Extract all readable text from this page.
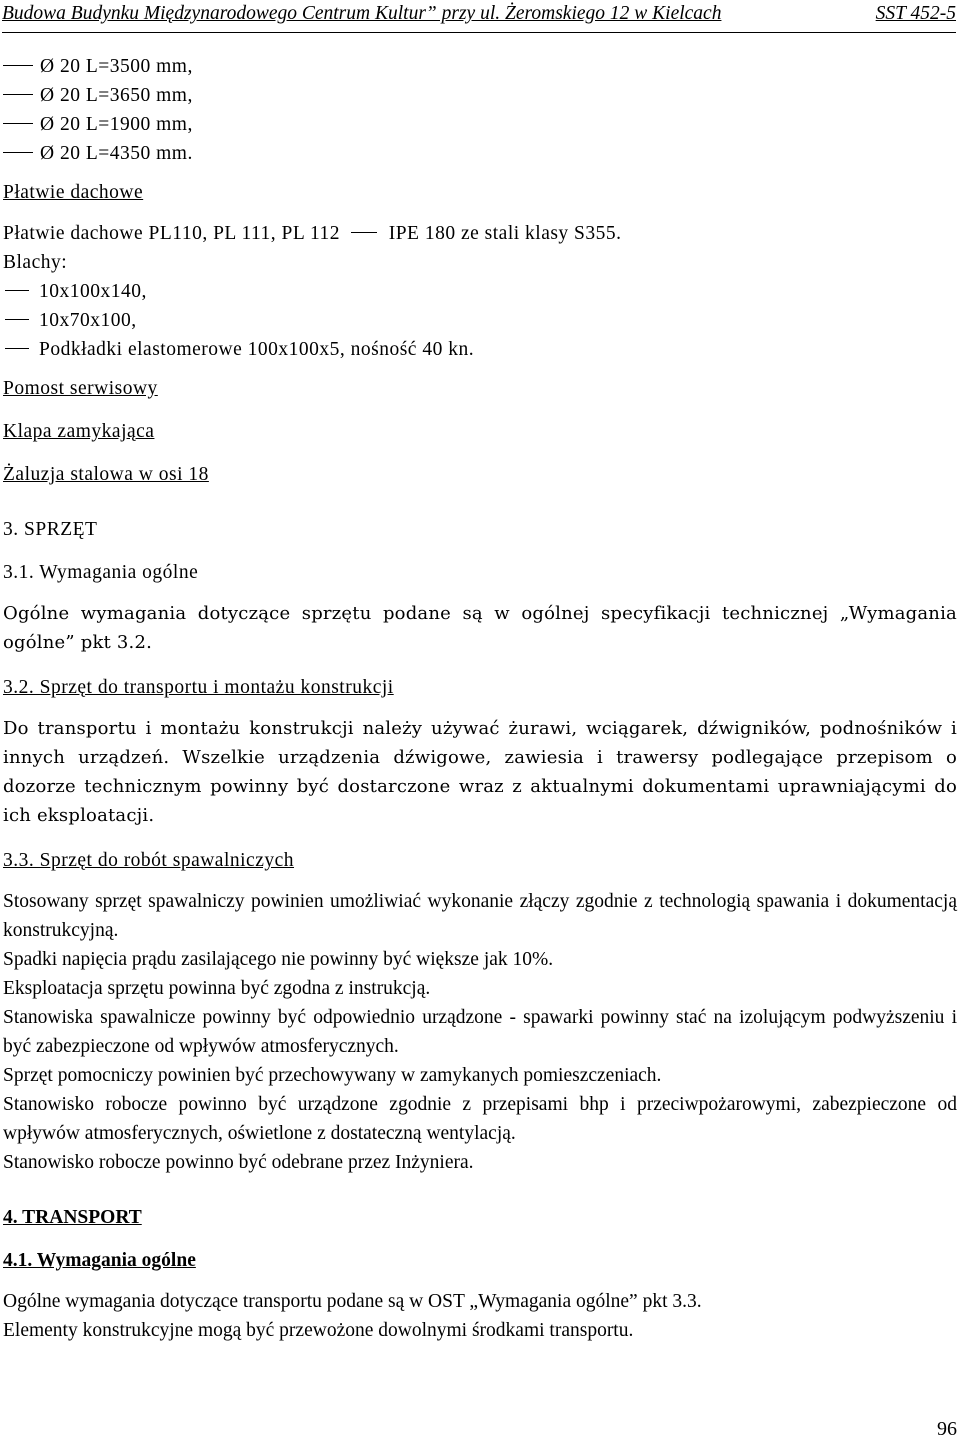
Budowa Budynku Międzynarodowego Centrum Kultur” przy ul. Żeromskiego 12 w Kielcach	SST 452-5
Ø 20 L=3500 mm,
Ø 20 L=3650 mm,
Ø 20 L=1900 mm,
Ø 20 L=4350 mm.
Płatwie dachowe

Płatwie dachowe PL110, PL 111, PL 112	IPE 180 ze stali klasy S355.

Blachy:

10x100x140,
10x70x100,
Podkładki elastomerowe 100x100x5, nośność 40 kn.
Pomost serwisowy
Klapa zamykająca
Żaluzja stalowa w osi 18
3. SPRZĘT
3.1. Wymagania ogólne

Ogólne wymagania dotyczące sprzętu podane są w ogólnej specyfikacji technicznej „Wymagania ogólne” pkt 3.2.

3.2. Sprzęt do transportu i montażu konstrukcji

Do transportu i montażu konstrukcji należy używać żurawi, wciągarek, dźwigników, podnośników i innych urządzeń. Wszelkie urządzenia dźwigowe, zawiesia i trawersy podlegające przepisom o dozorze technicznym powinny być dostarczone wraz z aktualnymi dokumentami uprawniającymi do ich eksploatacji.

3.3. Sprzęt do robót spawalniczych

Stosowany sprzęt spawalniczy powinien umożliwiać wykonanie złączy zgodnie z technologią spawania i dokumentacją konstrukcyjną.

Spadki napięcia prądu zasilającego nie powinny być większe jak 10%.

Eksploatacja sprzętu powinna być zgodna z instrukcją.

Stanowiska spawalnicze powinny być odpowiednio urządzone - spawarki powinny stać na izolującym podwyższeniu i być zabezpieczone od wpływów atmosferycznych.

Sprzęt pomocniczy powinien być przechowywany w zamykanych pomieszczeniach.

Stanowisko robocze powinno być urządzone zgodnie z przepisami bhp i przeciwpożarowymi, zabezpieczone od wpływów atmosferycznych, oświetlone z dostateczną wentylacją.

Stanowisko robocze powinno być odebrane przez Inżyniera.

4. TRANSPORT
4.1. Wymagania ogólne

Ogólne wymagania dotyczące transportu podane są w OST „Wymagania ogólne” pkt 3.3.

Elementy konstrukcyjne mogą być przewożone dowolnymi środkami transportu.

96
